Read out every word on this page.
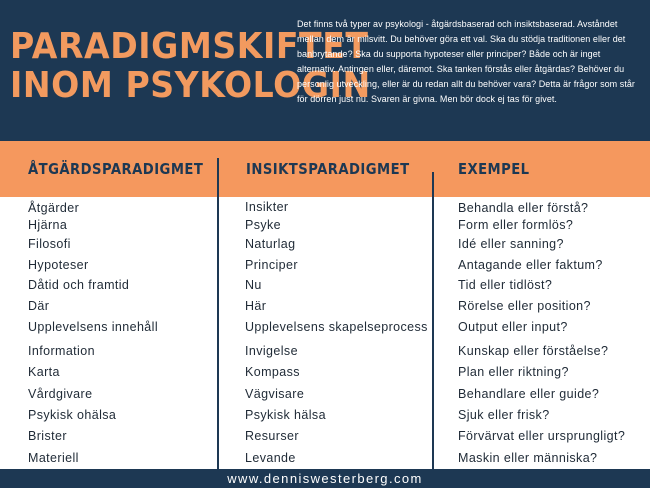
PARADIGMSKIFTET
INOM PSYKOLOGIN
Det finns två typer av psykologi - åtgärdsbaserad och insiktsbaserad. Avståndet mellan dem är milsvitt. Du behöver göra ett val. Ska du stödja traditionen eller det banbrytande? Ska du supporta hypoteser eller principer? Både och är inget alternativ. Antingen eller, däremot. Ska tanken förstås eller åtgärdas? Behöver du personlig utveckling, eller är du redan allt du behöver vara? Detta är frågor som står för dörren just nu. Svaren är givna. Men bör dock ej tas för givet.
ÅTGÄRDSPARADIGMET	INSIKTSPARADIGMET	EXEMPEL
Åtgärder
Hjärna
Filosofi
Hypoteser
Dåtid och framtid
Där
Upplevelsens innehåll
Information
Karta
Vårdgivare
Psykisk ohälsa
Brister
Materiell
Insikter
Psyke
Naturlag
Principer
Nu
Här
Upplevelsens skapelseprocess
Invigelse
Kompass
Vägvisare
Psykisk hälsa
Resurser
Levande
Behandla eller förstå?
Form eller formlös?
Idé eller sanning?
Antagande eller faktum?
Tid eller tidlöst?
Rörelse eller position?
Output eller input?
Kunskap eller förståelse?
Plan eller riktning?
Behandlare eller guide?
Sjuk eller frisk?
Förvärvat eller ursprungligt?
Maskin eller människa?
www.denniswesterberg.com
